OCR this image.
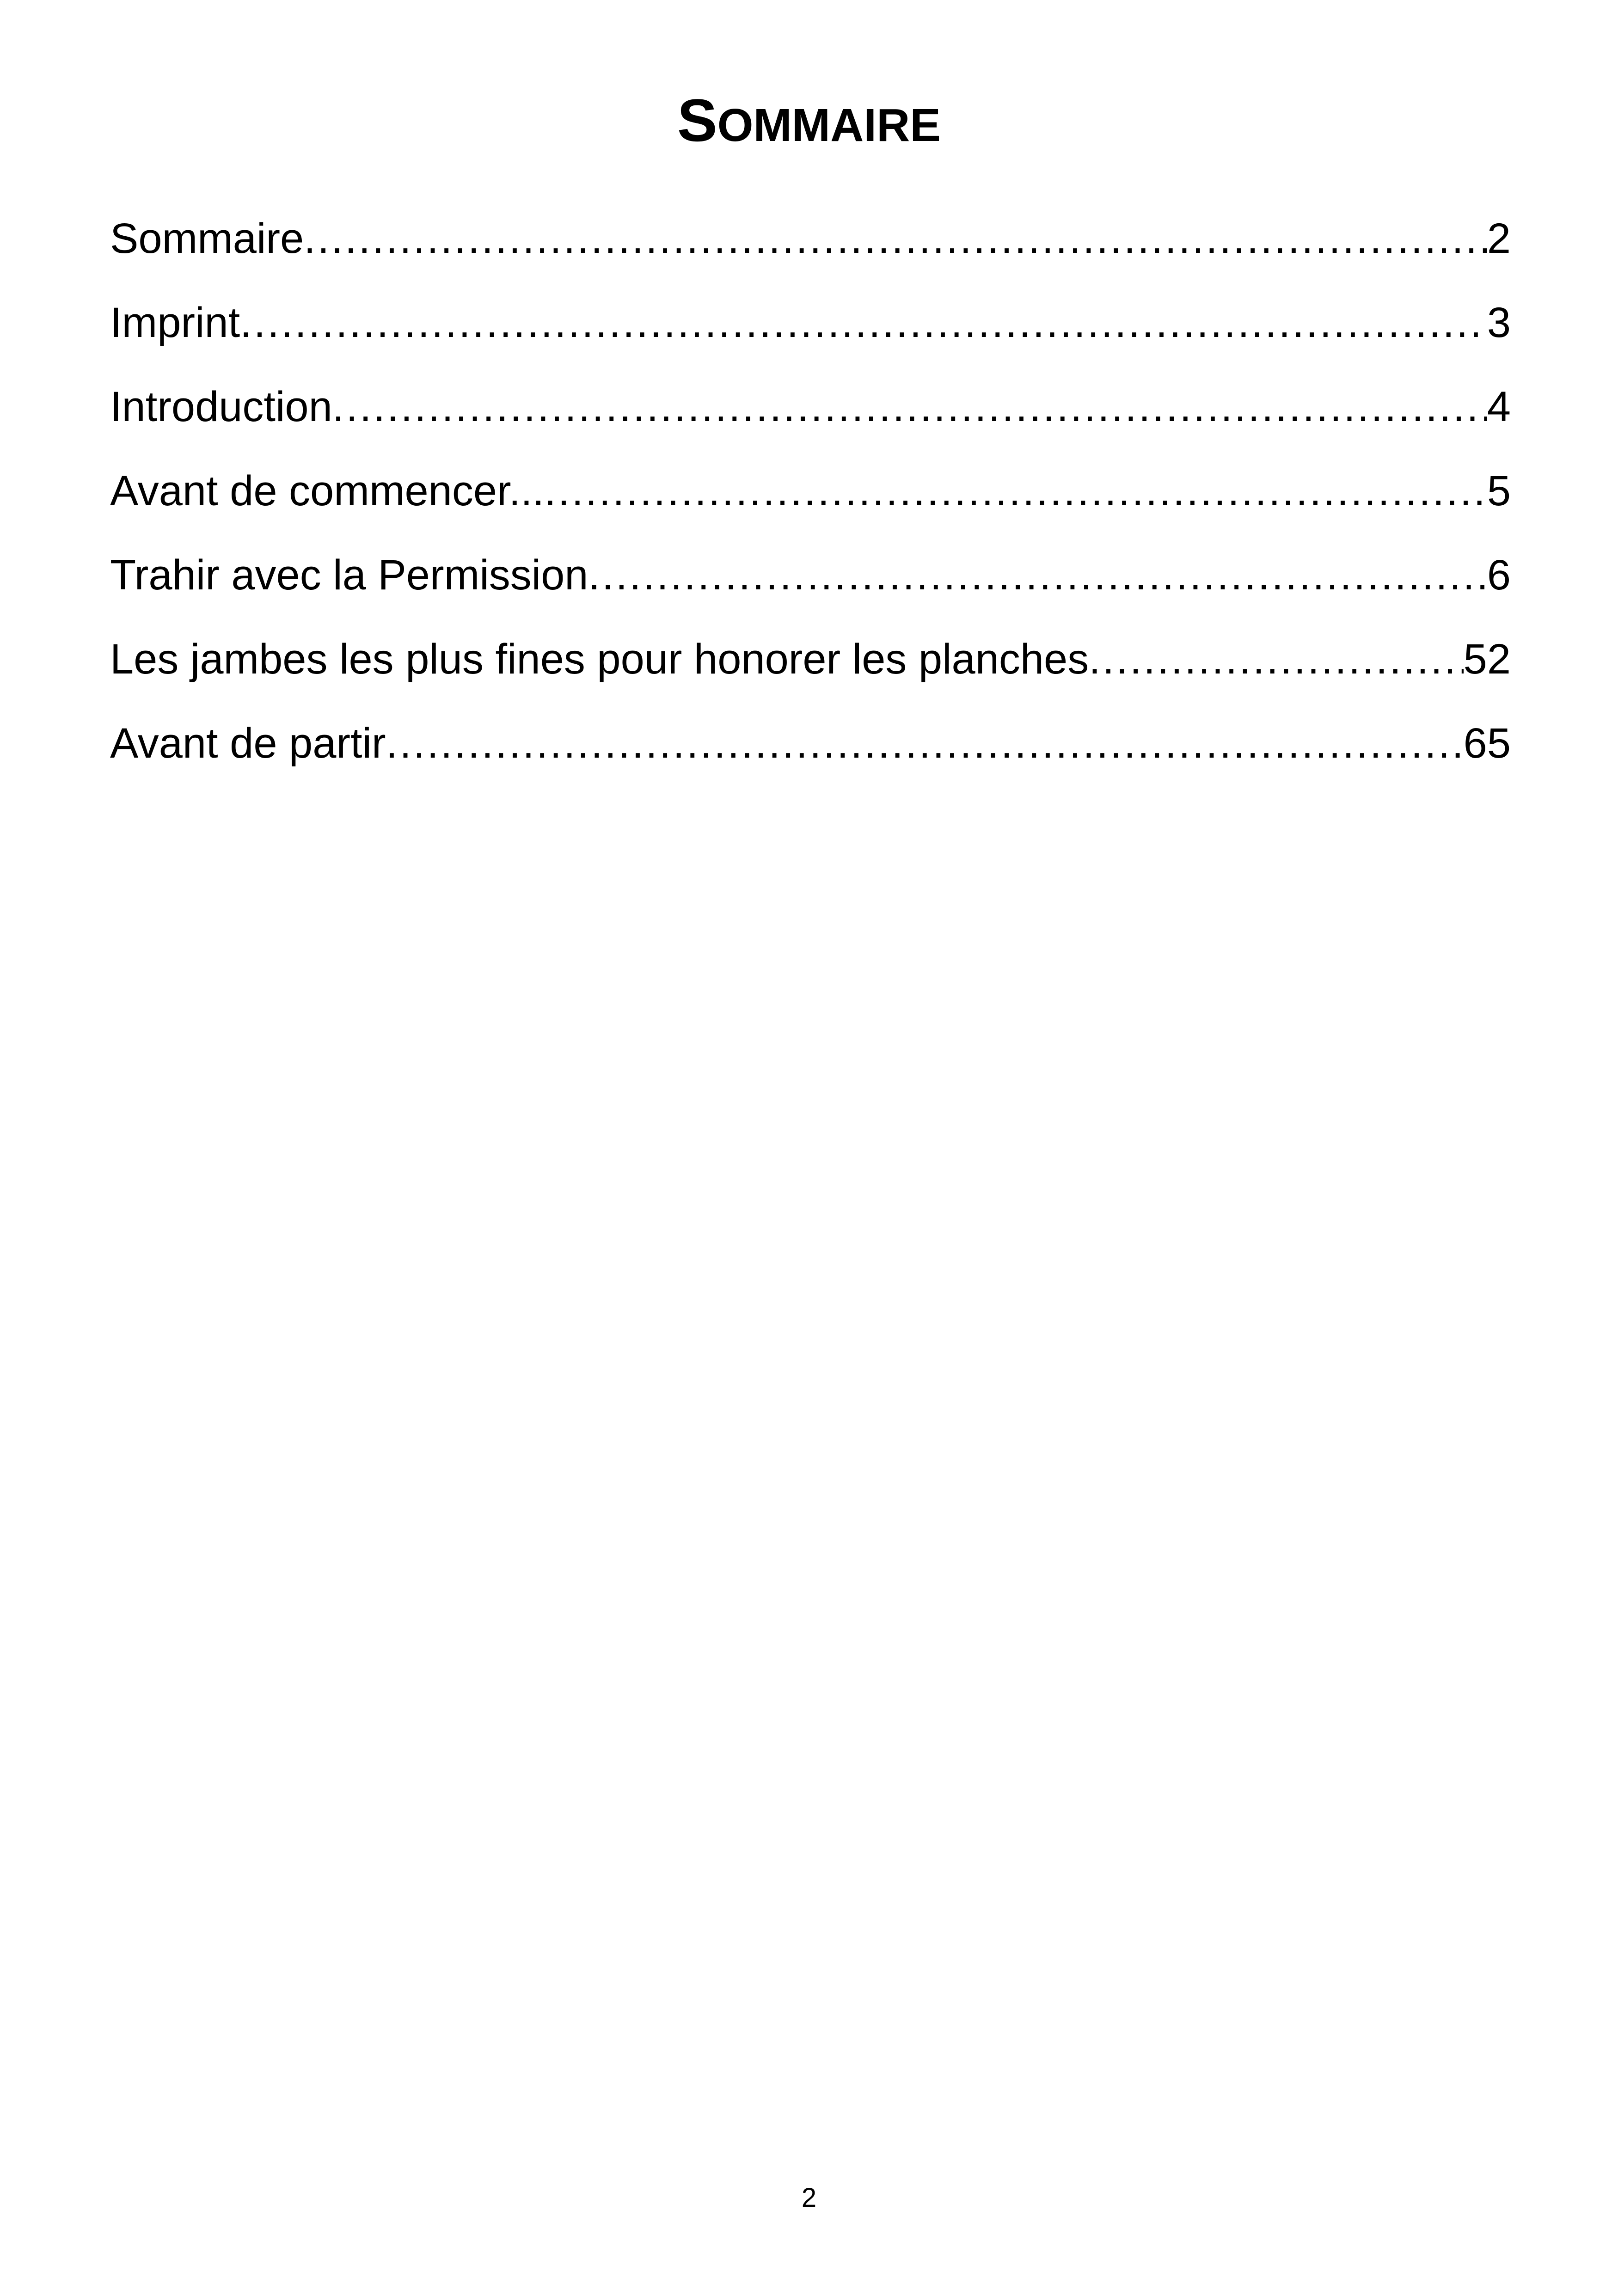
SOMMAIRE
Sommaire .....	2
Imprint .....	3
Introduction .....	4
Avant de commencer... .....	5
Trahir avec la Permission .....	6
Les jambes les plus fines pour honorer les planches .....	52
Avant de partir .....	65
2
